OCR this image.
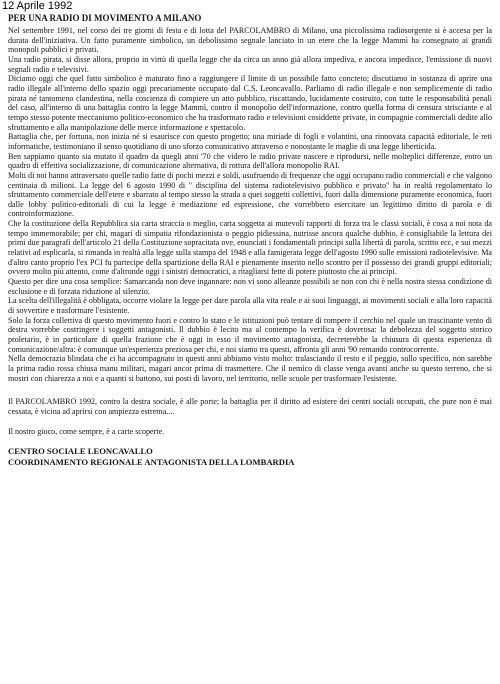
12 Aprile 1992

PER UNA RADIO DI MOVIMENTO A MILANO

Nel settembre 1991, nel corso dei tre giorni di festa e di lotta del PARCOLAMBRO di Milano, una piccolissima radiosorgente si è accesa per la durata dell'iniziativa. Un fatto puramente simbolico, un debolissimo segnale lanciato in un etere che la legge Mammì ha consegnato ai grandi monopoli pubblici e privati.

Una radio pirata, si disse allora, proprio in virtù di quella legge che da circa un anno già allora impediva, e ancora impedisce, l'emissione di nuovi segnali radio e televisivi.

Diciamo oggi che quel fatto simbolico è maturato fino a raggiungere il limite di un possibile fatto concreto; discutiamo in sostanza di aprire una radio illegale all'interno dello spazio oggi precariamente occupato dal C.S. Leoncavallo. Parliamo di radio illegale e non semplicemente di radio pirata né tantomeno clandestina, nella coscienza di compiere un atto pubblico, riscattando, lucidamente costruito, con tutte le responsabilità penali del caso, all'interno di una battaglia contro la legge Mammì, contro il monopolio dell'informazione, contro quella forma di censura strisciante e al tempo stesso potente meccanismo politico-economico che ha trasformato radio e televisioni cosiddette private, in compagnie commerciali dedite allo sfruttamento e alla manipolazione delle merce informazione e spettacolo.

Battaglia che, per fortuna, non inizia né si esaurisce con questo progetto; una miriade di fogli e volantini, una rinnovata capacità editoriale, le reti informatiche, testimoniano il senso quotidiano di uno sforzo comunicativo attraverso e nonostante le maglie di una legge liberticida.

Ben sappiamo quanto sia mutato il quadro da quegli anni '70 che videro le radio private nascere e riprodursi, nelle molteplici differenze, entro un quadro di effettiva socializzazione, di comunicazione alternativa, di rottura dell'allora monopolio RAI.

Molti di noi hanno attraversato quelle radio fatte di pochi mezzi e soldi, usufruendo di frequenze che oggi occupano radio commerciali e che valgono centinaia di milioni. La legge del 6 agosto 1990 di " disciplina del sistema radiotelevisivo pubblico e privato" ha in realtà regolamentato lo sfruttamento commerciale dell'etere e sbarrato al tempo stesso la strada a quei soggetti collettivi, fuori dalla dimensione puramente economica, fuori dalle lobby politico-editoriali di cui la legge è mediazione ed espressione, che vorrebbero esercitare un legittimo diritto di parola e di controinformazione.

Che la costituzione della Repubblica sia carta straccia o meglio, carta soggetta ai mutevoli rapporti di forza tra le classi sociali, è cosa a noi nota da tempo immemorabile; per chi, magari di simpatia rifondazionista o peggio pidiessina, nutrisse ancora qualche dubbio, è consigliabile la lettura dei primi due paragrafi dell'articolo 21 della Costituzione sopracitata ove, enunciati i fondamentali principi sulla libertà di parola, scritto ecc, e sui mezzi relativi ad esplicarla, si rimanda in realtà alla legge sulla stampa del 1948 e alla famigerata legge dell'agosto 1990 sulle emissioni radiotelevisive. Ma d'altro canto proprio l'ex PCI fu partecipe della spartizione della RAI e pienamente inserito nello scontro per il possesso dei grandi gruppi editoriali; ovvero molto più attento, come d'altronde oggi i sinistri democratici, a ritagliarsi fette di potere piuttosto che ai principi.

Questo per dire una cosa semplice: Samarcanda non deve ingannare: non vi sono alleanze possibili se non con chi è nella nostra stessa condizione di esclusione e di forzata riduzione al silenzio.

La scelta dell'illegalità è obbligata, occorre violare la legge per dare parola alla vita reale e ai suoi linguaggi, ai movimenti sociali e alla loro capacità di sovvertire e trasformare l'esistente.

Solo la forza collettiva di questo movimento fuori e contro lo stato e le istituzioni può tentare di rompere il cerchio nel quale un trascinante vento di destra vorrebbe costringere i soggetti antagonisti. Il dubbio è lecito ma al contempo la verifica è doverosa: la debolezza del soggetto storico proletario, è in particolare di quella frazione che è oggi in esso il movimento antagonista, decreterebbe la chiusura di questa esperienza di comunicazione/altra: è comunque un'esperienza preziosa per chi, e noi siamo tra questi, affronta gli anni '90 remando controcorrente.

Nella democrazia blindata che ci ha accompagnato in questi anni abbiamo visto molto: tralasciando il resto e il peggio, sullo specifico, non sarebbe la prima radio rossa chiusa manu militari, magari ancor prima di trasmettere. Che il nemico di classe venga avanti anche su questo terreno, che si mostri con chiarezza a noi e a quanti si battono, sui posti di lavoro, nel territorio, nelle scuole per trasformare l'esistente.

Il PARCOLAMBRO 1992, contro la destra sociale, è alle porte; la battaglia per il diritto ad esistere dei centri sociali occupati, che pure non è mai cessata, è vicina ad aprirsi con ampiezza estrema....

Il nostro gioco, come sempre, è a carte scoperte.

CENTRO SOCIALE LEONCAVALLO

COORDINAMENTO REGIONALE ANTAGONISTA DELLA LOMBARDIA
